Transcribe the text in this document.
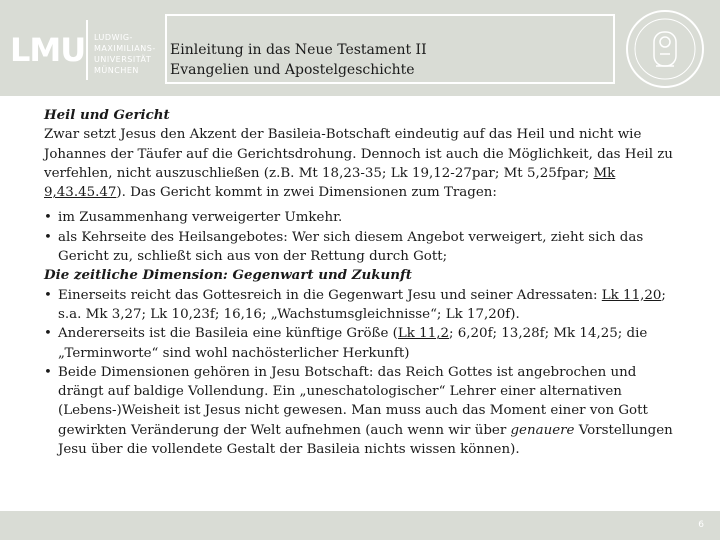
LMU LUDWIG-
MAXIMILIANS-
UNIVERSITÄT
MÜNCHEN
Einleitung in das Neue Testament II
Evangelien und Apostelgeschichte

Heil und Gericht

Zwar setzt Jesus den Akzent der Basileia-Botschaft eindeutig auf das Heil und nicht wie Johannes der Täufer auf die Gerichtsdrohung. Dennoch ist auch die Möglichkeit, das Heil zu verfehlen, nicht auszuschließen (z.B. Mt 18,23-35; Lk 19,12-27par; Mt 5,25fpar; Mk 9,43.45.47). Das Gericht kommt in zwei Dimensionen zum Tragen:

• im Zusammenhang verweigerter Umkehr.
• als Kehrseite des Heilsangebotes: Wer sich diesem Angebot verweigert, zieht sich das Gericht zu, schließt sich aus von der Rettung durch Gott;

Die zeitliche Dimension: Gegenwart und Zukunft

• Einerseits reicht das Gottesreich in die Gegenwart Jesu und seiner Adressaten: Lk 11,20; s.a. Mk 3,27; Lk 10,23f; 16,16; „Wachstumsgleichnisse“; Lk 17,20f).
• Andererseits ist die Basileia eine künftige Größe (Lk 11,2; 6,20f; 13,28f; Mk 14,25; die „Terminworte“ sind wohl nachösterlicher Herkunft)
• Beide Dimensionen gehören in Jesu Botschaft: das Reich Gottes ist angebrochen und drängt auf baldige Vollendung. Ein „uneschatologischer“ Lehrer einer alternativen (Lebens-)Weisheit ist Jesus nicht gewesen. Man muss auch das Moment einer von Gott gewirkten Veränderung der Welt aufnehmen (auch wenn wir über genauere Vorstellungen Jesu über die vollendete Gestalt der Basileia nichts wissen können).
6
